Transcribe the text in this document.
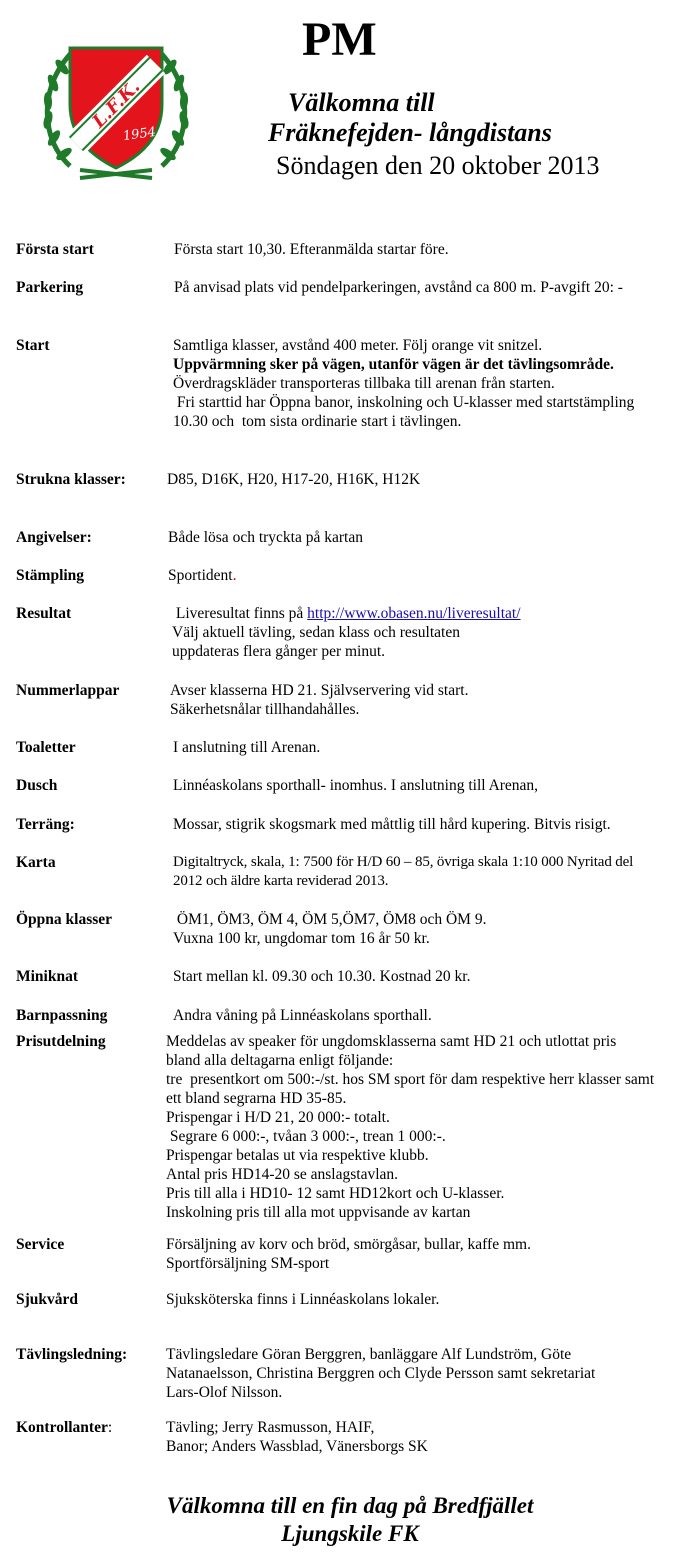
L.F.K.
1954
PM
Välkomna till
Fräknefejden- långdistans
Söndagen den 20 oktober 2013
Första start	Första start 10,30. Efteranmälda startar före.
Parkering	På anvisad plats vid pendelparkeringen, avstånd ca 800 m. P-avgift 20: -
Start	Samtliga klasser, avstånd 400 meter. Följ orange vit snitzel.
Uppvärmning sker på vägen, utanför vägen är det tävlingsområde.
Överdragskläder transporteras tillbaka till arenan från starten.
Fri starttid har Öppna banor, inskolning och U-klasser med startstämpling
10.30 och  tom sista ordinarie start i tävlingen.
Strukna klasser:	D85, D16K, H20, H17-20, H16K, H12K
Angivelser:	Både lösa och tryckta på kartan
Stämpling	Sportident.
Resultat	Liveresultat finns på http://www.obasen.nu/liveresultat/
Välj aktuell tävling, sedan klass och resultaten
uppdateras flera gånger per minut.
Nummerlappar	Avser klasserna HD 21. Självservering vid start.
Säkerhetsnålar tillhandahålles.
Toaletter	I anslutning till Arenan.
Dusch	Linnéaskolans sporthall- inomhus. I anslutning till Arenan,
Terräng:	Mossar, stigrik skogsmark med måttlig till hård kupering. Bitvis risigt.
Karta	Digitaltryck, skala, 1: 7500 för H/D 60 – 85, övriga skala 1:10 000 Nyritad del
2012 och äldre karta reviderad 2013.
Öppna klasser	ÖM1, ÖM3, ÖM 4, ÖM 5,ÖM7, ÖM8 och ÖM 9.
Vuxna 100 kr, ungdomar tom 16 år 50 kr.
Miniknat	Start mellan kl. 09.30 och 10.30. Kostnad 20 kr.
Barnpassning	Andra våning på Linnéaskolans sporthall.
Prisutdelning	Meddelas av speaker för ungdomsklasserna samt HD 21 och utlottat pris
bland alla deltagarna enligt följande:
tre  presentkort om 500:-/st. hos SM sport för dam respektive herr klasser samt
ett bland segrarna HD 35-85.
Prispengar i H/D 21, 20 000:- totalt.
Segrare 6 000:-, tvåan 3 000:-, trean 1 000:-.
Prispengar betalas ut via respektive klubb.
Antal pris HD14-20 se anslagstavlan.
Pris till alla i HD10- 12 samt HD12kort och U-klasser.
Inskolning pris till alla mot uppvisande av kartan
Service	Försäljning av korv och bröd, smörgåsar, bullar, kaffe mm.
Sportförsäljning SM-sport
Sjukvård	Sjuksköterska finns i Linnéaskolans lokaler.
Tävlingsledning:	Tävlingsledare Göran Berggren, banläggare Alf Lundström, Göte
Natanaelsson, Christina Berggren och Clyde Persson samt sekretariat
Lars-Olof Nilsson.
Kontrollanter:	Tävling; Jerry Rasmusson, HAIF,
Banor; Anders Wassblad, Vänersborgs SK
Välkomna till en fin dag på Bredfjället
Ljungskile FK
